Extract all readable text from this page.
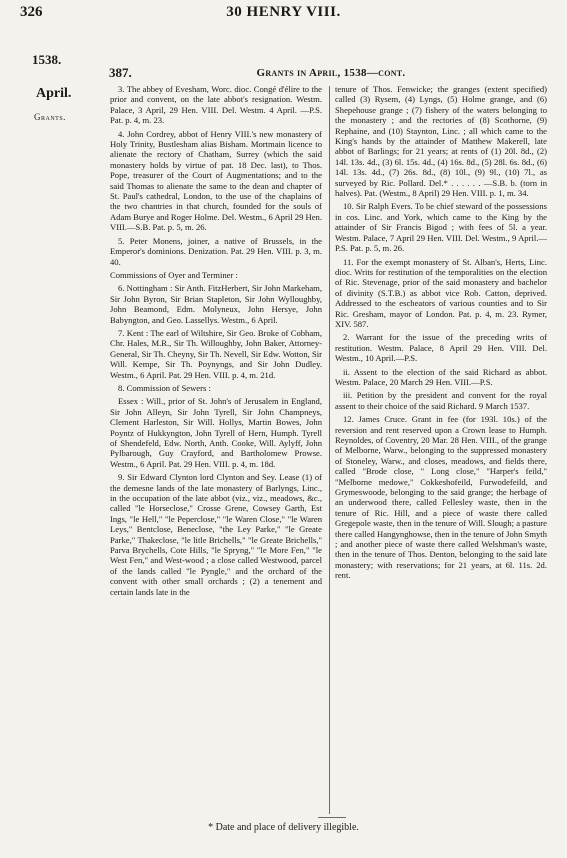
326	30 HENRY VIII.
1538.
April.
Grants.
387.	Grants in April, 1538—cont.

3. The abbey of Evesham, Worc. dioc. Congé d'élire to the prior and convent, on the late abbot's resignation. Westm. Palace, 3 April, 29 Hen. VIII. Del. Westm. 4 April. —P.S. Pat. p. 4, m. 23.

4. John Cordrey, abbot of Henry VIII.'s new monastery of Holy Trinity, Bustlesham alias Bisham. Mortmain licence to alienate the rectory of Chatham, Surrey (which the said monastery holds by virtue of pat. 18 Dec. last), to Thos. Pope, treasurer of the Court of Augmentations; and to the said Thomas to alienate the same to the dean and chapter of St. Paul's cathedral, London, to the use of the chaplains of the two chantries in that church, founded for the souls of Adam Burye and Roger Holme. Del. Westm., 6 April 29 Hen. VIII.—S.B. Pat. p. 5, m. 26.

5. Peter Monens, joiner, a native of Brussels, in the Emperor's dominions. Denization. Pat. 29 Hen. VIII. p. 3, m. 40.

Commissions of Oyer and Terminer :

6. Nottingham : Sir Anth. FitzHerbert, Sir John Markeham, Sir John Byron, Sir Brian Stapleton, Sir John Wylloughby, John Beamond, Edm. Molyneux, John Hersye, John Babyngton, and Geo. Lassellys. Westm., 6 April.

7. Kent : The earl of Wiltshire, Sir Geo. Broke of Cobham, Chr. Hales, M.R., Sir Th. Willoughby, John Baker, Attorney-General, Sir Th. Cheyny, Sir Th. Nevell, Sir Edw. Wotton, Sir Will. Kempe, Sir Th. Poynyngs, and Sir John Dudley. Westm., 6 April. Pat. 29 Hen. VIII. p. 4, m. 21d.

8. Commission of Sewers :

Essex : Will., prior of St. John's of Jerusalem in England, Sir John Alleyn, Sir John Tyrell, Sir John Champneys, Clement Harleston, Sir Will. Hollys, Martin Bowes, John Poyntz of Hukkyngton, John Tyrell of Hern, Humph. Tyrell of Shendefeld, Edw. North, Anth. Cooke, Will. Aylyff, John Pylbarough, Guy Crayford, and Bartholomew Prowse. Westm., 6 April. Pat. 29 Hen. VIII. p. 4, m. 18d.

9. Sir Edward Clynton lord Clynton and Sey. Lease (1) of the demesne lands of the late monastery of Barlyngs, Linc., in the occupation of the late abbot (viz., viz., meadows, &c., called "le Horseclose," Crosse Grene, Cowsey Garth, Est Ings, "le Hell," "le Peperclose," "le Waren Close," "le Waren Leys," Bentclose, Beneclose, "the Ley Parke," "le Greate Parke," Thakeclose, "le litle Brichells," "le Greate Brichells," Parva Brychells, Cote Hills, "le Spryng," "le More Fen," "le West Fen," and West-wood ; a close called Westwood, parcel of the lands called "le Pyngle," and the orchard of the convent with other small orchards ; (2) a tenement and certain lands late in the

tenure of Thos. Fenwicke; the granges (extent specified) called (3) Rysem, (4) Lyngs, (5) Holme grange, and (6) Shepehouse grange ; (7) fishery of the waters belonging to the monastery ; and the rectories of (8) Scothorne, (9) Rephaine, and (10) Staynton, Linc. ; all which came to the King's hands by the attainder of Matthew Makerell, late abbot of Barlings; for 21 years; at rents of (1) 20l. 8d., (2) 14l. 13s. 4d., (3) 6l. 15s. 4d., (4) 16s. 8d., (5) 28l. 6s. 8d., (6) 14l. 13s. 4d., (7) 26s. 8d., (8) 10l., (9) 9l., (10) 7l., as surveyed by Ric. Pollard. Del.* . . . . . . —S.B. b. (torn in halves). Pat. (Westm., 8 April) 29 Hen. VIII. p. 1, m. 34.

10. Sir Ralph Evers. To be chief steward of the possessions in cos. Linc. and York, which came to the King by the attainder of Sir Francis Bigod ; with fees of 5l. a year. Westm. Palace, 7 April 29 Hen. VIII. Del. Westm., 9 April.—P.S. Pat. p. 5, m. 26.

11. For the exempt monastery of St. Alban's, Herts, Linc. dioc. Writs for restitution of the temporalities on the election of Ric. Stevenage, prior of the said monastery and bachelor of divinity (S.T.B.) as abbot vice Rob. Catton, deprived. Addressed to the escheators of various counties and to Sir Ric. Gresham, mayor of London. Pat. p. 4, m. 23. Rymer, XIV. 587.

2. Warrant for the issue of the preceding writs of restitution. Westm. Palace, 8 April 29 Hen. VIII. Del. Westm., 10 April.—P.S.

ii. Assent to the election of the said Richard as abbot. Westm. Palace, 20 March 29 Hen. VIII.—P.S.

iii. Petition by the president and convent for the royal assent to their choice of the said Richard. 9 March 1537.

12. James Cruce. Grant in fee (for 193l. 10s.) of the reversion and rent reserved upon a Crown lease to Humph. Reynoldes, of Coventry, 20 Mar. 28 Hen. VIII., of the grange of Melborne, Warw., belonging to the suppressed monastery of Stoneley, Warw., and closes, meadows, and fields there, called "Brode close, " Long close," "Harper's feild," "Melborne medowe," Cokkeshofeild, Furwodefeild, and Grymeswoode, belonging to the said grange; the herbage of an underwood there, called Fellesley waste, then in the tenure of Ric. Hill, and a piece of waste there called Gregepole waste, then in the tenure of Will. Slough; a pasture there called Hangynghowse, then in the tenure of John Smyth ; and another piece of waste there called Welshman's waste, then in the tenure of Thos. Denton, belonging to the said late monastery; with reservations; for 21 years, at 6l. 11s. 2d. rent.

* Date and place of delivery illegible.
